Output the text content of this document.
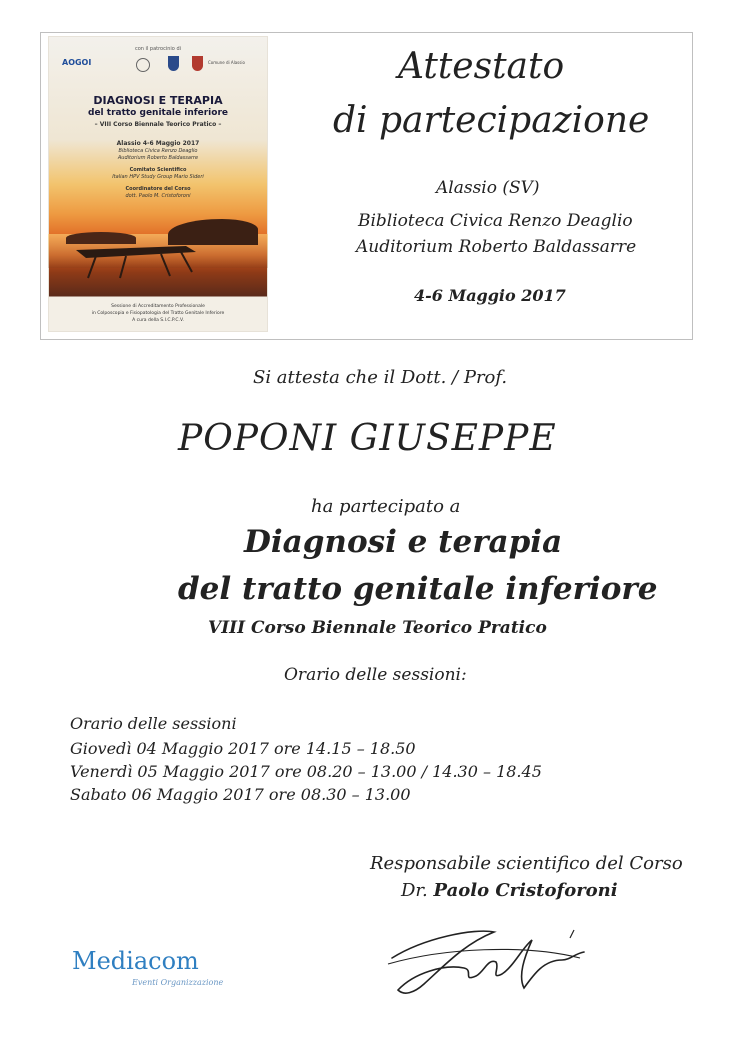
con il patrocinio di
AOGOI	Comune di Alassio
DIAGNOSI E TERAPIA
del tratto genitale inferiore
– VIII Corso Biennale Teorico Pratico –
Alassio 4-6 Maggio 2017
Biblioteca Civica Renzo Deaglio
Auditorium Roberto Baldassarre
Comitato Scientifico
Italian HPV Study Group Mario Sideri
Coordinatore del Corso
dott. Paolo M. Cristoforoni
Sessione di Accreditamento Professionale
in Colposcopia e Fisiopatologia del Tratto Genitale Inferiore
A cura della S.I.C.P.C.V.
Attestato
di partecipazione
Alassio (SV)
Biblioteca Civica Renzo Deaglio
Auditorium Roberto Baldassarre
4-6 Maggio 2017
Si attesta che il Dott. / Prof.
POPONI GIUSEPPE
ha partecipato a
Diagnosi e terapia
del tratto genitale inferiore
VIII Corso Biennale Teorico Pratico
Orario delle sessioni:
Orario delle sessioni
Giovedì 04 Maggio 2017 ore 14.15 – 18.50
Venerdì 05 Maggio 2017 ore 08.20 – 13.00 / 14.30 – 18.45
Sabato 06 Maggio 2017 ore 08.30 – 13.00
Responsabile scientifico del Corso
Dr. Paolo Cristoforoni
Mediacom
Eventi Organizzazione
